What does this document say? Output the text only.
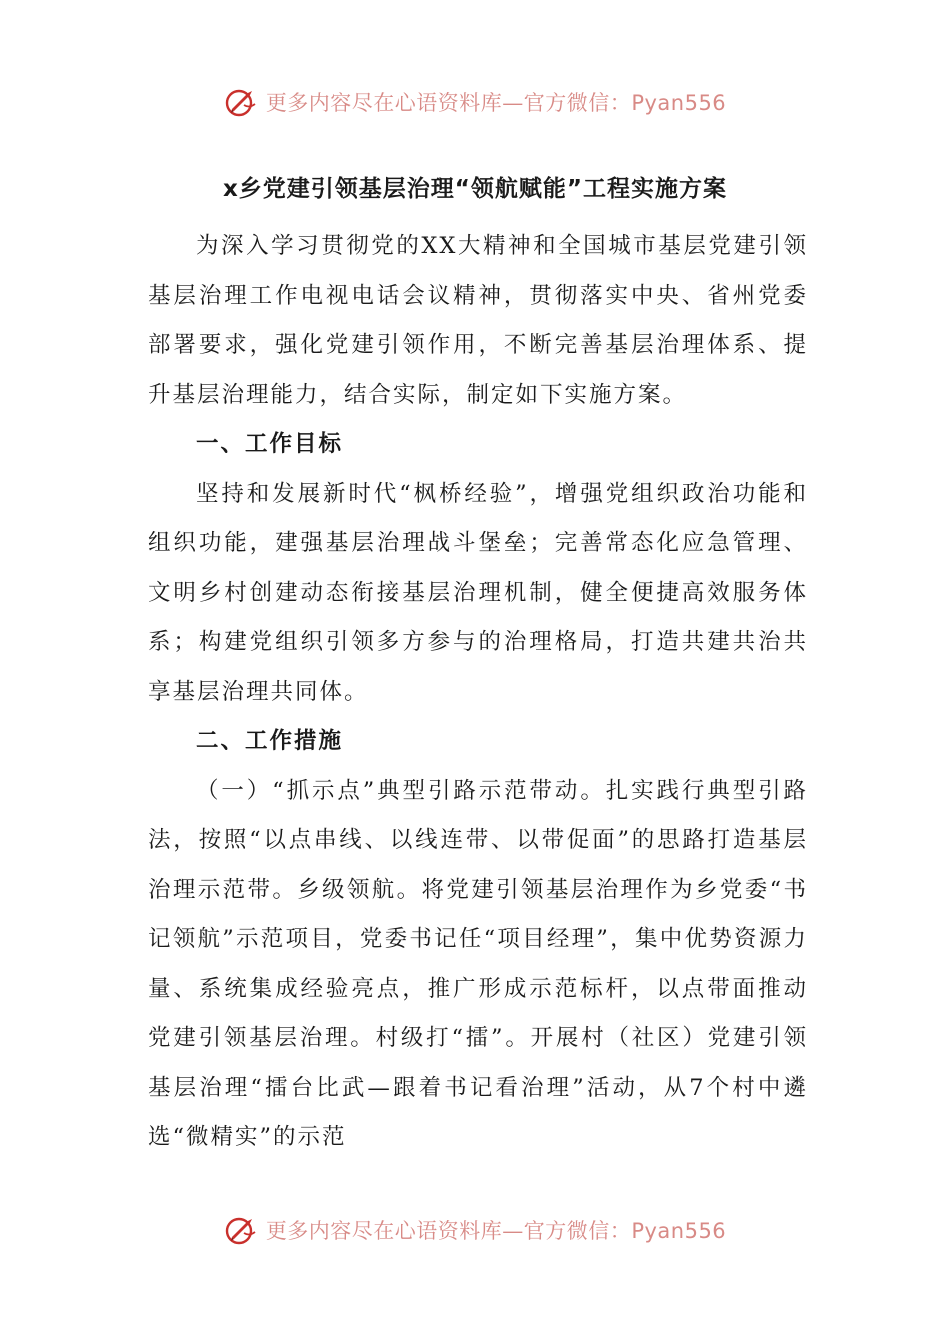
更多内容尽在心语资料库—官方微信：Pyan556
x乡党建引领基层治理“领航赋能”工程实施方案

为深入学习贯彻党的XX大精神和全国城市基层党建引领基层治理工作电视电话会议精神，贯彻落实中央、省州党委部署要求，强化党建引领作用，不断完善基层治理体系、提升基层治理能力，结合实际，制定如下实施方案。

一、工作目标

坚持和发展新时代“枫桥经验”，增强党组织政治功能和组织功能，建强基层治理战斗堡垒；完善常态化应急管理、文明乡村创建动态衔接基层治理机制，健全便捷高效服务体系；构建党组织引领多方参与的治理格局，打造共建共治共享基层治理共同体。

二、工作措施

（一）“抓示点”典型引路示范带动。扎实践行典型引路法，按照“以点串线、以线连带、以带促面”的思路打造基层治理示范带。乡级领航。将党建引领基层治理作为乡党委“书记领航”示范项目，党委书记任“项目经理”，集中优势资源力量、系统集成经验亮点，推广形成示范标杆，以点带面推动党建引领基层治理。村级打“擂”。开展村（社区）党建引领基层治理“擂台比武—跟着书记看治理”活动，从7个村中遴选“微精实”的示范

更多内容尽在心语资料库—官方微信：Pyan556
